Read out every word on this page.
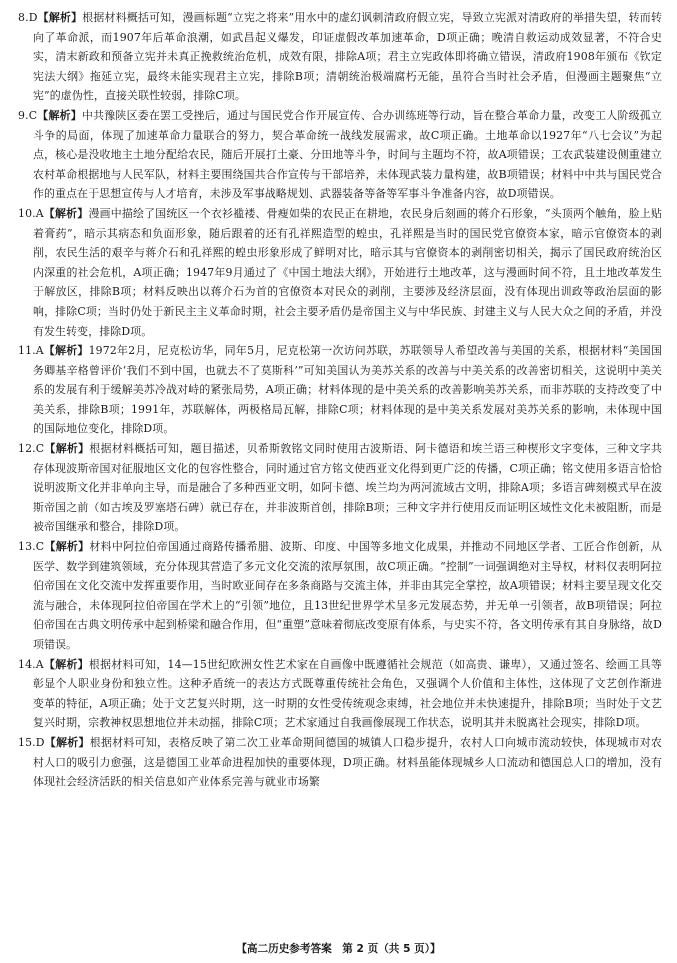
8.D【解析】根据材料概括可知，漫画标题“立宪之将来”用水中的虚幻讽刺清政府假立宪，导致立宪派对清政府的举措失望，转而转向了革命派，而1907年后革命浪潮，如武昌起义爆发，印证虚假改革加速革命，D项正确；晚清自救运动成效显著，不符合史实，清末新政和预备立宪并未真正挽救统治危机，成效有限，排除A项；君主立宪政体即将确立错误，清政府1908年颁布《钦定宪法大纲》拖延立宪，最终未能实现君主立宪，排除B项；清朝统治极端腐朽无能，虽符合当时社会矛盾，但漫画主题聚焦“立宪”的虚伪性，直接关联性较弱，排除C项。
9.C【解析】中共豫陕区委在罢工受挫后，通过与国民党合作开展宣传、合办训练班等行动，旨在整合革命力量，改变工人阶级孤立斗争的局面，体现了加速革命力量联合的努力，契合革命统一战线发展需求，故C项正确。土地革命以1927年“八七会议”为起点，核心是没收地主土地分配给农民，随后开展打土豪、分田地等斗争，时间与主题均不符，故A项错误；工农武装建设侧重建立农村革命根据地与人民军队，材料主要围绕国共合作宣传与干部培养，未体现武装力量构建，故B项错误；材料中中共与国民党合作的重点在于思想宣传与人才培育，未涉及军事战略规划、武器装备等备等军事斗争准备内容，故D项错误。
10.A【解析】漫画中描绘了国统区一个衣衫褴褛、骨瘦如柴的农民正在耕地，农民身后刻画的蒋介石形象，“头顶两个触角，脸上贴着膏药”，暗示其病态和负面形象，随后跟着的还有孔祥熙造型的蝗虫，孔祥熙是当时的国民党官僚资本家，暗示官僚资本的剥削，农民生活的艰辛与蒋介石和孔祥熙的蝗虫形象形成了鲜明对比，暗示其与官僚资本的剥削密切相关，揭示了国民政府统治区内深重的社会危机，A项正确；1947年9月通过了《中国土地法大纲》，开始进行土地改革，这与漫画时间不符，且土地改革发生于解放区，排除B项；材料反映出以蒋介石为首的官僚资本对民众的剥削，主要涉及经济层面，没有体现出训政等政治层面的影响，排除C项；当时仍处于新民主主义革命时期，社会主要矛盾仍是帝国主义与中华民族、封建主义与人民大众之间的矛盾，并没有发生转变，排除D项。
11.A【解析】1972年2月，尼克松访华，同年5月，尼克松第一次访问苏联，苏联领导人希望改善与美国的关系，根据材料“美国国务卿基辛格曾评价‘我们不到中国，也就去不了莫斯科’”可知美国认为美苏关系的改善与中美关系的改善密切相关，这说明中美关系的发展有利于缓解美苏冷战对峙的紧张局势，A项正确；材料体现的是中美关系的改善影响美苏关系，而非苏联的支持改变了中美关系，排除B项；1991年，苏联解体，两极格局瓦解，排除C项；材料体现的是中美关系发展对美苏关系的影响，未体现中国的国际地位变化，排除D项。
12.C【解析】根据材料概括可知，题目描述，贝希斯敦铭文同时使用古波斯语、阿卡德语和埃兰语三种楔形文字变体，三种文字共存体现波斯帝国对征服地区文化的包容性整合，同时通过官方铭文使西亚文化得到更广泛的传播，C项正确；铭文使用多语言恰恰说明波斯文化并非单向主导，而是融合了多种西亚文明，如阿卡德、埃兰均为两河流域古文明，排除A项；多语言碑刻模式早在波斯帝国之前（如古埃及罗塞塔石碑）就已存在，并非波斯首创，排除B项；三种文字并行使用反而证明区域性文化未被阻断，而是被帝国继承和整合，排除D项。
13.C【解析】材料中阿拉伯帝国通过商路传播希腊、波斯、印度、中国等多地文化成果，并推动不同地区学者、工匠合作创新，从医学、数学到建筑领域，充分体现其营造了多元文化交流的浓厚氛围，故C项正确。“控制”一词强调绝对主导权，材料仅表明阿拉伯帝国在文化交流中发挥重要作用，当时欧亚间存在多条商路与交流主体，并非由其完全掌控，故A项错误；材料主要呈现文化交流与融合，未体现阿拉伯帝国在学术上的“引领”地位，且13世纪世界学术呈多元发展态势，并无单一引领者，故B项错误；阿拉伯帝国在古典文明传承中起到桥梁和融合作用，但“重塑”意味着彻底改变原有体系，与史实不符，各文明传承有其自身脉络，故D项错误。
14.A【解析】根据材料可知，14—15世纪欧洲女性艺术家在自画像中既遵循社会规范（如高贵、谦卑），又通过签名、绘画工具等彰显个人职业身份和独立性。这种矛盾统一的表达方式既尊重传统社会角色，又强调个人价值和主体性，这体现了文艺创作渐进变革的特征，A项正确；处于文艺复兴时期，这一时期的女性受传统观念束缚，社会地位并未快速提升，排除B项；当时处于文艺复兴时期，宗教神权思想地位并未动摇，排除C项；艺术家通过自我画像展现工作状态，说明其并未脱离社会现实，排除D项。
15.D【解析】根据材料可知，表格反映了第二次工业革命期间德国的城镇人口稳步提升，农村人口向城市流动较快，体现城市对农村人口的吸引力愈强，这是德国工业革命进程加快的重要体现，D项正确。材料虽能体现城乡人口流动和德国总人口的增加，没有体现社会经济活跃的相关信息如产业体系完善与就业市场繁
【高二历史参考答案　第 2 页（共 5 页）】
